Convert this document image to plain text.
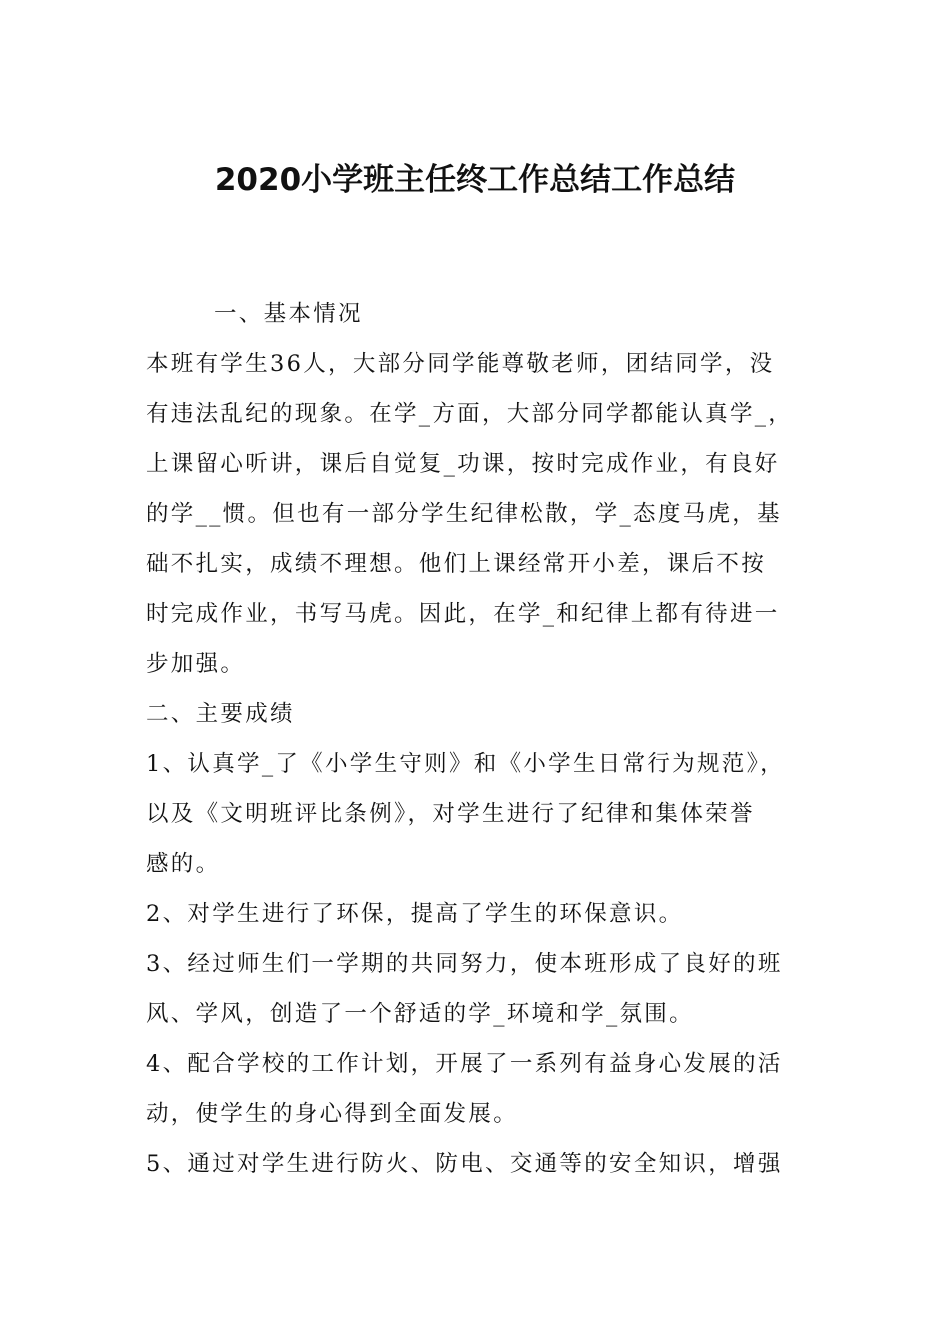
2020小学班主任终工作总结工作总结

一、基本情况

本班有学生36人，大部分同学能尊敬老师，团结同学，没

有违法乱纪的现象。在学_方面，大部分同学都能认真学_，

上课留心听讲，课后自觉复_功课，按时完成作业，有良好

的学__惯。但也有一部分学生纪律松散，学_态度马虎，基

础不扎实，成绩不理想。他们上课经常开小差，课后不按

时完成作业，书写马虎。因此，在学_和纪律上都有待进一

步加强。

二、主要成绩

1、认真学_了《小学生守则》和《小学生日常行为规范》，

以及《文明班评比条例》，对学生进行了纪律和集体荣誉

感的。

2、对学生进行了环保，提高了学生的环保意识。

3、经过师生们一学期的共同努力，使本班形成了良好的班

风、学风，创造了一个舒适的学_环境和学_氛围。

4、配合学校的工作计划，开展了一系列有益身心发展的活

动，使学生的身心得到全面发展。

5、通过对学生进行防火、防电、交通等的安全知识，增强
